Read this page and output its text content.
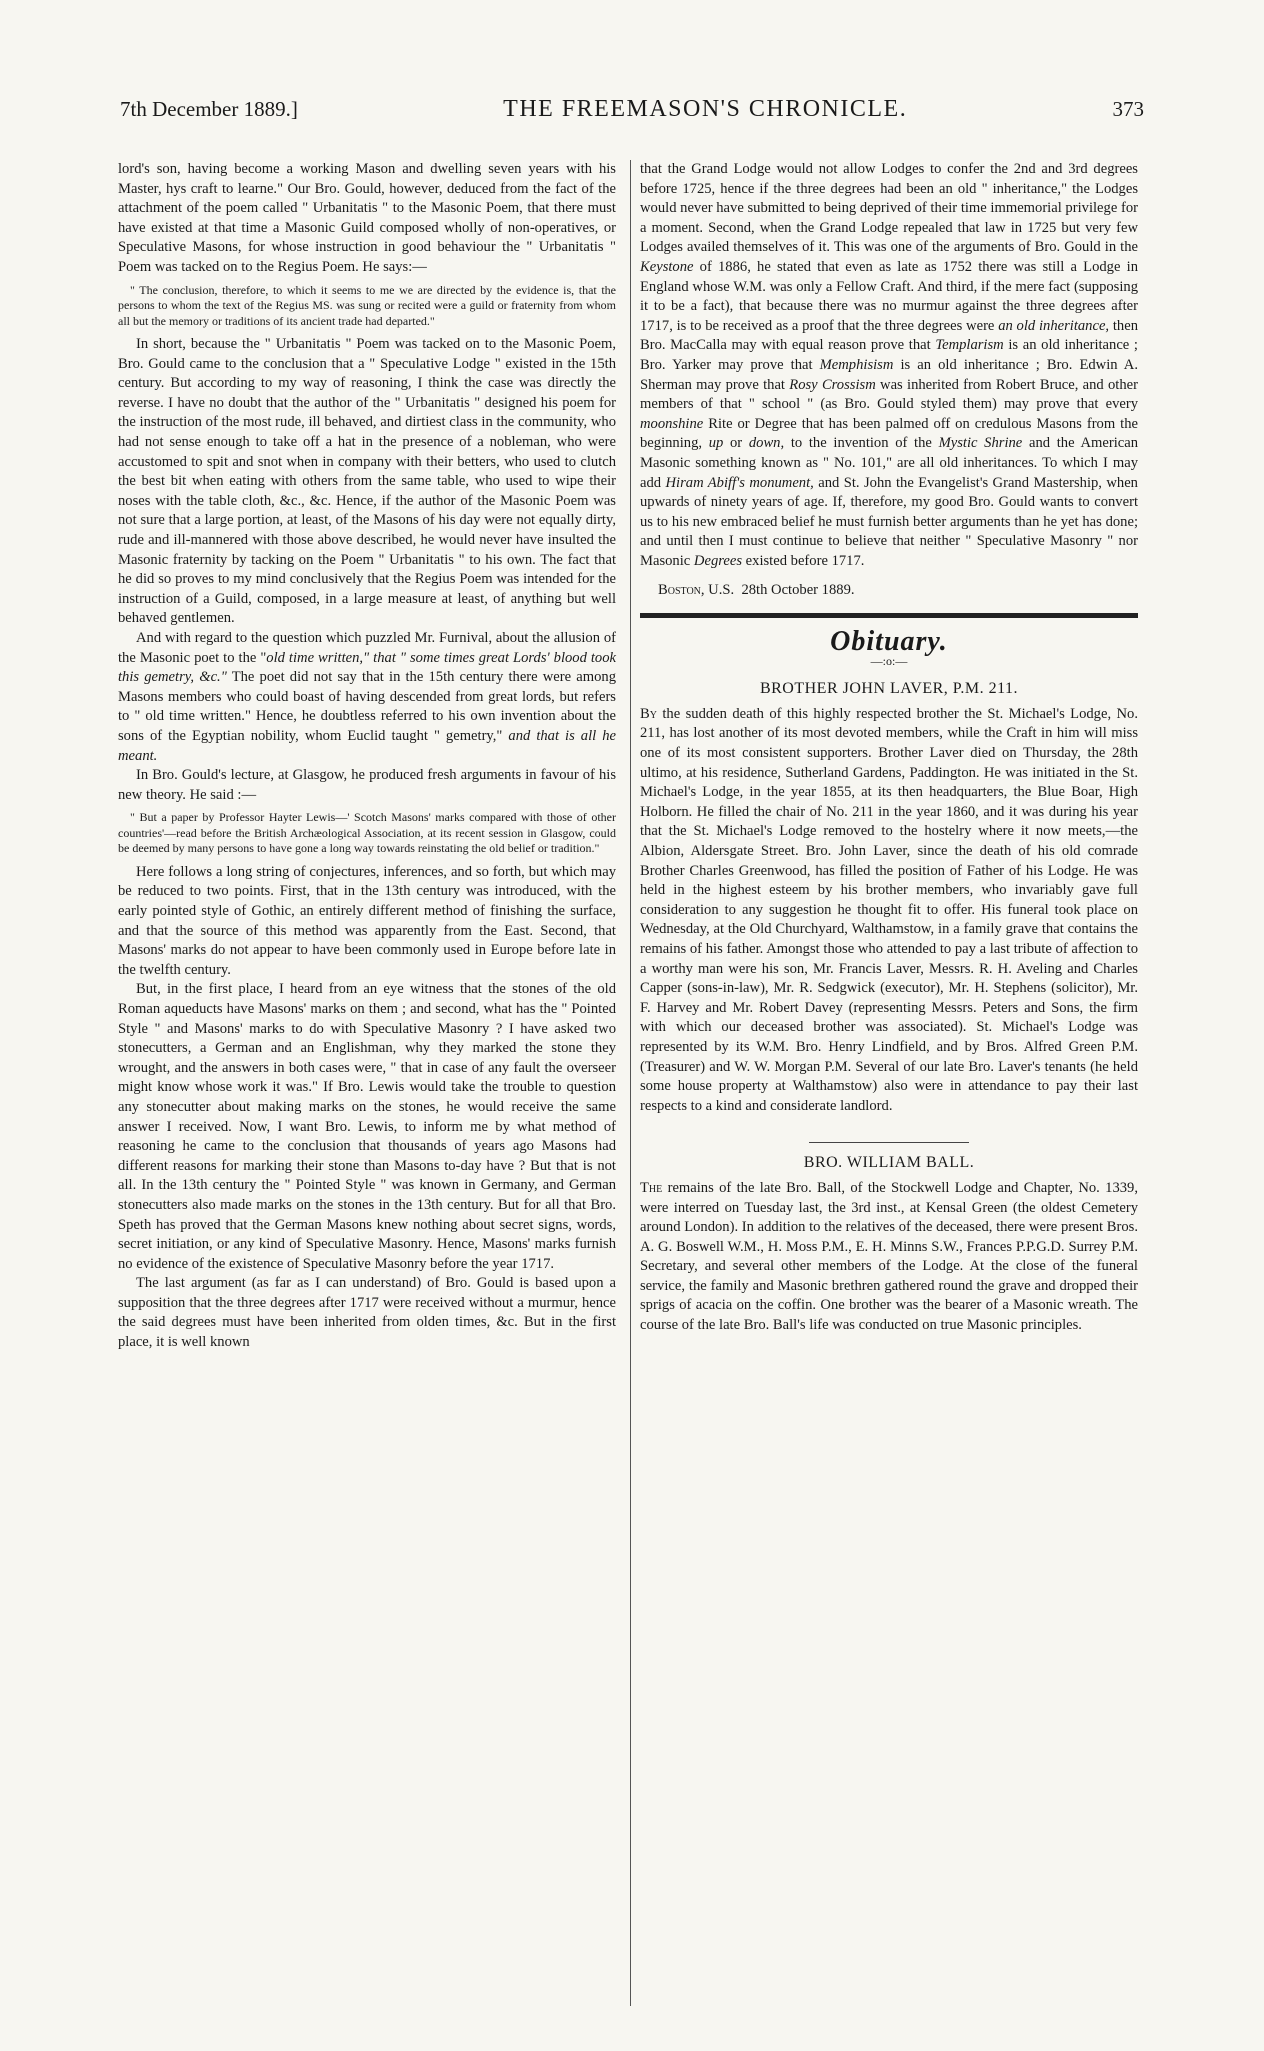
7th December 1889.]	THE FREEMASON'S CHRONICLE.	373

lord's son, having become a working Mason and dwelling seven years with his Master, hys craft to learne." Our Bro. Gould, however, deduced from the fact of the attachment of the poem called " Urbanitatis " to the Masonic Poem, that there must have existed at that time a Masonic Guild composed wholly of non-operatives, or Speculative Masons, for whose instruction in good behaviour the " Urbanitatis " Poem was tacked on to the Regius Poem. He says:—

" The conclusion, therefore, to which it seems to me we are directed by the evidence is, that the persons to whom the text of the Regius MS. was sung or recited were a guild or fraternity from whom all but the memory or traditions of its ancient trade had departed."

In short, because the " Urbanitatis " Poem was tacked on to the Masonic Poem, Bro. Gould came to the conclusion that a " Speculative Lodge " existed in the 15th century. But according to my way of reasoning, I think the case was directly the reverse. I have no doubt that the author of the " Urbanitatis " designed his poem for the instruction of the most rude, ill behaved, and dirtiest class in the community, who had not sense enough to take off a hat in the presence of a nobleman, who were accustomed to spit and snot when in company with their betters, who used to clutch the best bit when eating with others from the same table, who used to wipe their noses with the table cloth, &c., &c. Hence, if the author of the Masonic Poem was not sure that a large portion, at least, of the Masons of his day were not equally dirty, rude and ill-mannered with those above described, he would never have insulted the Masonic fraternity by tacking on the Poem " Urbanitatis " to his own. The fact that he did so proves to my mind conclusively that the Regius Poem was intended for the instruction of a Guild, composed, in a large measure at least, of anything but well behaved gentlemen.

And with regard to the question which puzzled Mr. Furnival, about the allusion of the Masonic poet to the "old time written," that " some times great Lords' blood took this gemetry, &c." The poet did not say that in the 15th century there were among Masons members who could boast of having descended from great lords, but refers to " old time written." Hence, he doubtless referred to his own invention about the sons of the Egyptian nobility, whom Euclid taught " gemetry," and that is all he meant.

In Bro. Gould's lecture, at Glasgow, he produced fresh arguments in favour of his new theory. He said :—

" But a paper by Professor Hayter Lewis—' Scotch Masons' marks compared with those of other countries'—read before the British Archæological Association, at its recent session in Glasgow, could be deemed by many persons to have gone a long way towards reinstating the old belief or tradition."

Here follows a long string of conjectures, inferences, and so forth, but which may be reduced to two points. First, that in the 13th century was introduced, with the early pointed style of Gothic, an entirely different method of finishing the surface, and that the source of this method was apparently from the East. Second, that Masons' marks do not appear to have been commonly used in Europe before late in the twelfth century.

But, in the first place, I heard from an eye witness that the stones of the old Roman aqueducts have Masons' marks on them ; and second, what has the " Pointed Style " and Masons' marks to do with Speculative Masonry ? I have asked two stonecutters, a German and an Englishman, why they marked the stone they wrought, and the answers in both cases were, " that in case of any fault the overseer might know whose work it was." If Bro. Lewis would take the trouble to question any stonecutter about making marks on the stones, he would receive the same answer I received. Now, I want Bro. Lewis, to inform me by what method of reasoning he came to the conclusion that thousands of years ago Masons had different reasons for marking their stone than Masons to-day have ? But that is not all. In the 13th century the " Pointed Style " was known in Germany, and German stonecutters also made marks on the stones in the 13th century. But for all that Bro. Speth has proved that the German Masons knew nothing about secret signs, words, secret initiation, or any kind of Speculative Masonry. Hence, Masons' marks furnish no evidence of the existence of Speculative Masonry before the year 1717.

The last argument (as far as I can understand) of Bro. Gould is based upon a supposition that the three degrees after 1717 were received without a murmur, hence the said degrees must have been inherited from olden times, &c. But in the first place, it is well known

that the Grand Lodge would not allow Lodges to confer the 2nd and 3rd degrees before 1725, hence if the three degrees had been an old " inheritance," the Lodges would never have submitted to being deprived of their time immemorial privilege for a moment. Second, when the Grand Lodge repealed that law in 1725 but very few Lodges availed themselves of it. This was one of the arguments of Bro. Gould in the Keystone of 1886, he stated that even as late as 1752 there was still a Lodge in England whose W.M. was only a Fellow Craft. And third, if the mere fact (supposing it to be a fact), that because there was no murmur against the three degrees after 1717, is to be received as a proof that the three degrees were an old inheritance, then Bro. MacCalla may with equal reason prove that Templarism is an old inheritance ; Bro. Yarker may prove that Memphisism is an old inheritance ; Bro. Edwin A. Sherman may prove that Rosy Crossism was inherited from Robert Bruce, and other members of that " school " (as Bro. Gould styled them) may prove that every moonshine Rite or Degree that has been palmed off on credulous Masons from the beginning, up or down, to the invention of the Mystic Shrine and the American Masonic something known as " No. 101," are all old inheritances. To which I may add Hiram Abiff's monument, and St. John the Evangelist's Grand Mastership, when upwards of ninety years of age. If, therefore, my good Bro. Gould wants to convert us to his new embraced belief he must furnish better arguments than he yet has done; and until then I must continue to believe that neither " Speculative Masonry " nor Masonic Degrees existed before 1717.

Boston, U.S. 28th October 1889.

Obituary.
—:o:—
BROTHER JOHN LAVER, P.M. 211.

By the sudden death of this highly respected brother the St. Michael's Lodge, No. 211, has lost another of its most devoted members, while the Craft in him will miss one of its most consistent supporters. Brother Laver died on Thursday, the 28th ultimo, at his residence, Sutherland Gardens, Paddington. He was initiated in the St. Michael's Lodge, in the year 1855, at its then headquarters, the Blue Boar, High Holborn. He filled the chair of No. 211 in the year 1860, and it was during his year that the St. Michael's Lodge removed to the hostelry where it now meets,—the Albion, Aldersgate Street. Bro. John Laver, since the death of his old comrade Brother Charles Greenwood, has filled the position of Father of his Lodge. He was held in the highest esteem by his brother members, who invariably gave full consideration to any suggestion he thought fit to offer. His funeral took place on Wednesday, at the Old Churchyard, Walthamstow, in a family grave that contains the remains of his father. Amongst those who attended to pay a last tribute of affection to a worthy man were his son, Mr. Francis Laver, Messrs. R. H. Aveling and Charles Capper (sons-in-law), Mr. R. Sedgwick (executor), Mr. H. Stephens (solicitor), Mr. F. Harvey and Mr. Robert Davey (representing Messrs. Peters and Sons, the firm with which our deceased brother was associated). St. Michael's Lodge was represented by its W.M. Bro. Henry Lindfield, and by Bros. Alfred Green P.M. (Treasurer) and W. W. Morgan P.M. Several of our late Bro. Laver's tenants (he held some house property at Walthamstow) also were in attendance to pay their last respects to a kind and considerate landlord.

BRO. WILLIAM BALL.

The remains of the late Bro. Ball, of the Stockwell Lodge and Chapter, No. 1339, were interred on Tuesday last, the 3rd inst., at Kensal Green (the oldest Cemetery around London). In addition to the relatives of the deceased, there were present Bros. A. G. Boswell W.M., H. Moss P.M., E. H. Minns S.W., Frances P.P.G.D. Surrey P.M. Secretary, and several other members of the Lodge. At the close of the funeral service, the family and Masonic brethren gathered round the grave and dropped their sprigs of acacia on the coffin. One brother was the bearer of a Masonic wreath. The course of the late Bro. Ball's life was conducted on true Masonic principles.
